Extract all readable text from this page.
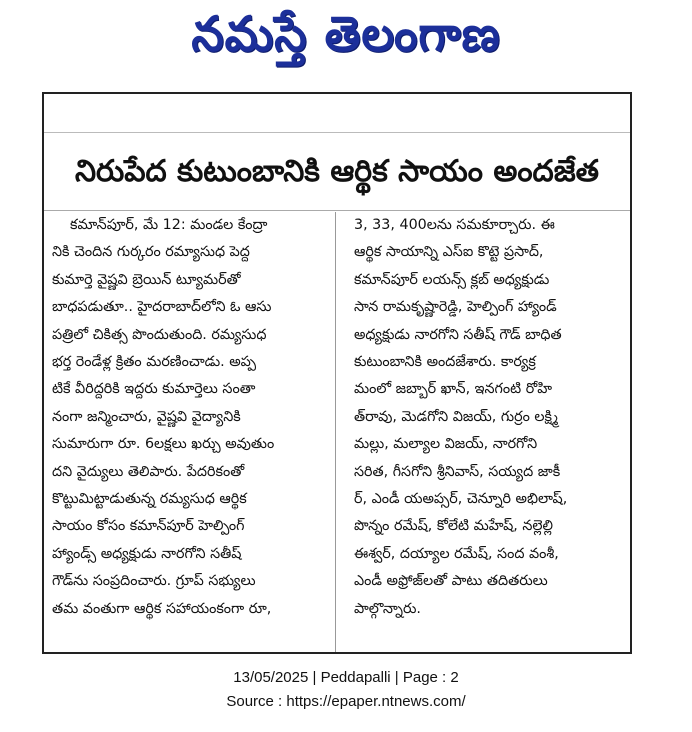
నమస్తే తెలంగాణ
నిరుపేద కుటుంబానికి ఆర్థిక సాయం అందజేత
కమాన్‌పూర్, మే 12: మండల కేంద్రా
నికి చెందిన గుర్కరం రమ్యాసుధ పెద్ద
కుమార్తె వైష్ణవి బ్రెయిన్ ట్యూమర్‌తో
బాధపడుతూ.. హైదరాబాద్‌లోని ఓ ఆసు
పత్రిలో చికిత్స పొందుతుంది. రమ్యసుధ
భర్త రెండేళ్ల క్రితం మరణించాడు. అప్ప
టికే వీరిద్దరికి ఇద్దరు కుమార్తెలు సంతా
నంగా జన్మించారు, వైష్ణవి వైద్యానికి
సుమారుగా రూ. 6లక్షలు ఖర్చు అవుతుం
దని వైద్యులు తెలిపారు. పేదరికంతో
కొట్టుమిట్టాడుతున్న రమ్యసుధ ఆర్థిక
సాయం కోసం కమాన్‌పూర్ హెల్పింగ్
హ్యాండ్స్ అధ్యక్షుడు నారగోని సతీష్
గౌడ్‌ను సంప్రదించారు. గ్రూప్ సభ్యులు
తమ వంతుగా ఆర్థిక సహాయంకంగా రూ,
3, 33, 400లను సమకూర్చారు. ఈ
ఆర్థిక సాయాన్ని ఎస్ఐ కొట్టె ప్రసాద్,
కమాన్‌పూర్ లయన్స్ క్లబ్ అధ్యక్షుడు
సాన రామకృష్ణారెడ్డి, హెల్పింగ్ హ్యాండ్
అధ్యక్షుడు నారగోని సతీష్ గౌడ్ బాధిత
కుటుంబానికి అందజేశారు. కార్యక్ర
మంలో జబ్బార్ ఖాన్, ఇనగంటి రోహి
త్‌రావు, మెడగోని విజయ్, గుర్రం లక్ష్మి
మల్లు, మల్యాల విజయ్, నారగోని
సరిత, గీసగోని శ్రీనివాస్, సయ్యద జాకీ
ర్, ఎండీ యఅప్సర్, చెన్నూరి అభిలాష్,
పొన్నం రమేష్, కోలేటి మహేష్, నల్లెల్లి
ఈశ్వర్, దయ్యాల రమేష్, సంద వంశీ,
ఎండీ అఫ్రోజ్‌లతో పాటు తదితరులు
పాల్గొన్నారు.
13/05/2025 | Peddapalli | Page : 2
Source : https://epaper.ntnews.com/
